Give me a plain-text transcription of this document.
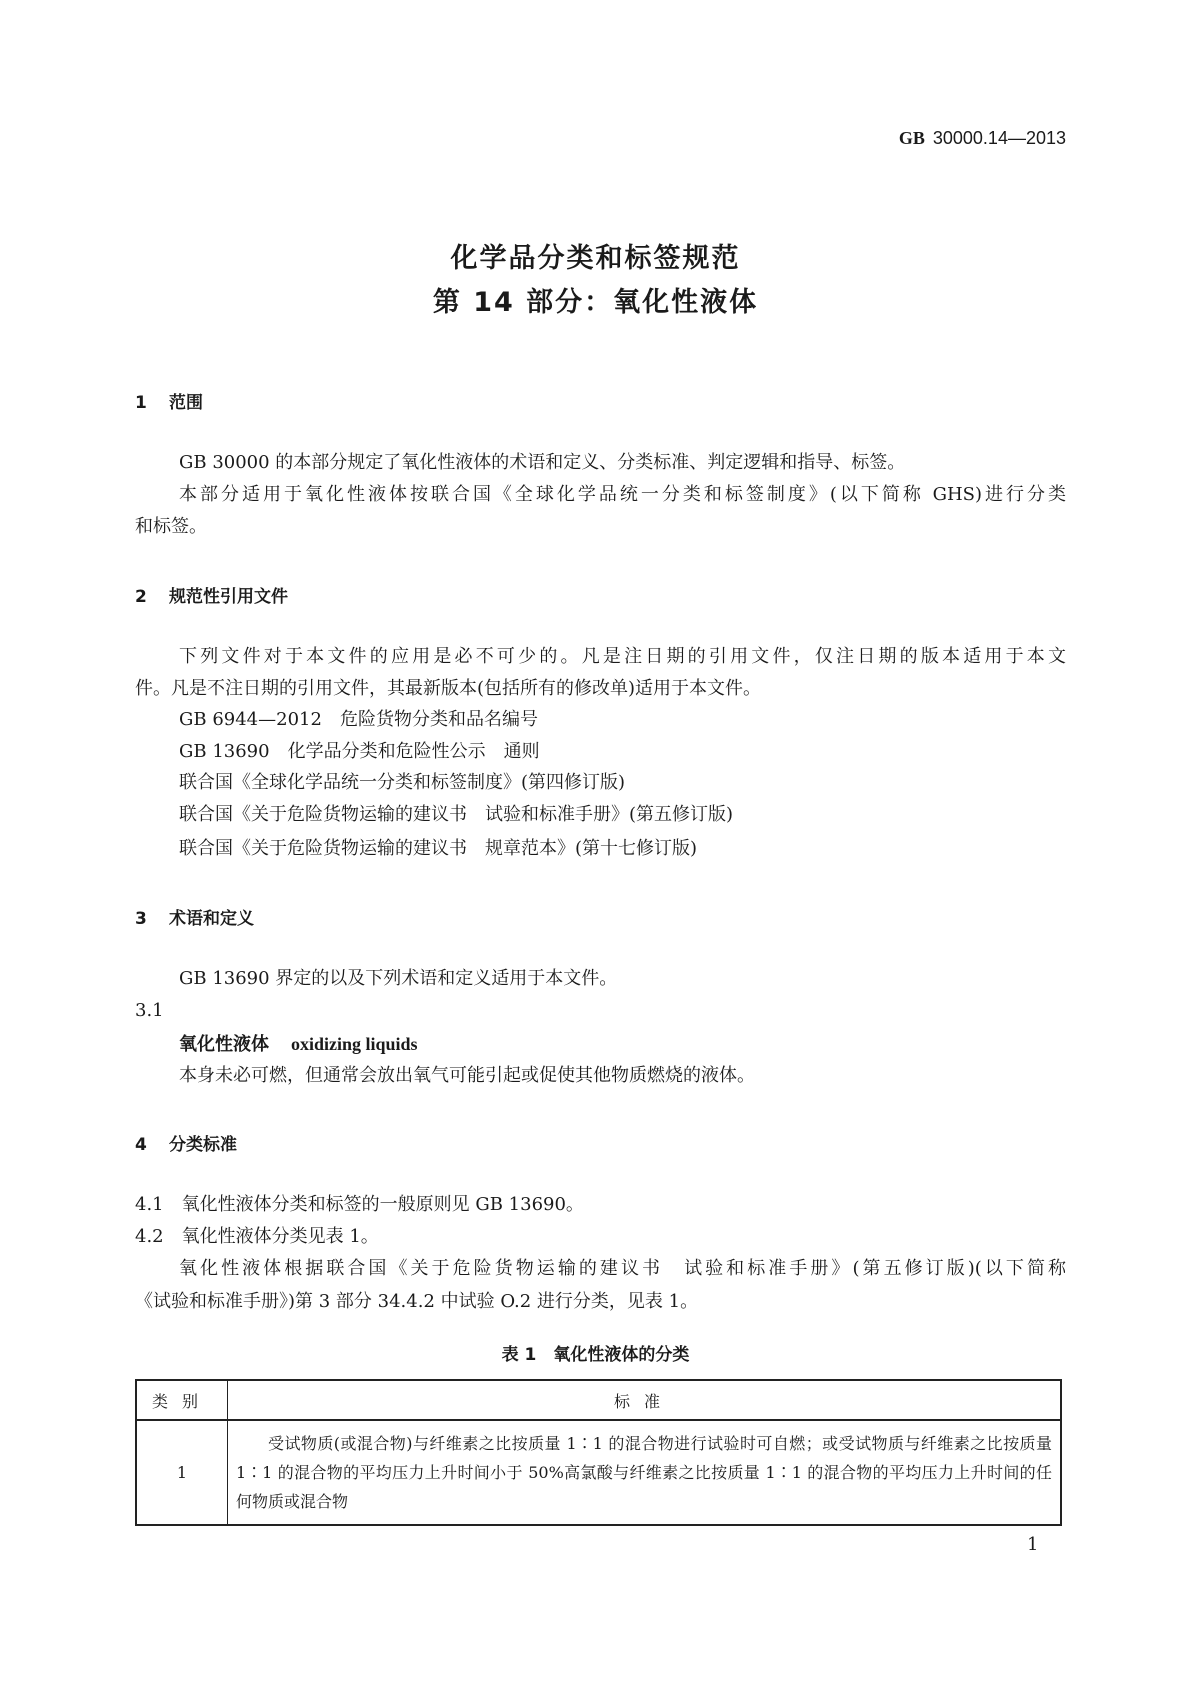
GB 30000.14—2013
化学品分类和标签规范
第 14 部分：氧化性液体
1 范围
GB 30000 的本部分规定了氧化性液体的术语和定义、分类标准、判定逻辑和指导、标签。
本部分适用于氧化性液体按联合国《全球化学品统一分类和标签制度》(以下简称 GHS)进行分类
和标签。
2 规范性引用文件
下列文件对于本文件的应用是必不可少的。凡是注日期的引用文件，仅注日期的版本适用于本文
件。凡是不注日期的引用文件，其最新版本(包括所有的修改单)适用于本文件。
GB 6944—2012　危险货物分类和品名编号
GB 13690　化学品分类和危险性公示　通则
联合国《全球化学品统一分类和标签制度》(第四修订版)
联合国《关于危险货物运输的建议书　试验和标准手册》(第五修订版)
联合国《关于危险货物运输的建议书　规章范本》(第十七修订版)
3 术语和定义
GB 13690 界定的以及下列术语和定义适用于本文件。
3.1
氧化性液体 oxidizing liquids
本身未必可燃，但通常会放出氧气可能引起或促使其他物质燃烧的液体。
4 分类标准
4.1　氧化性液体分类和标签的一般原则见 GB 13690。
4.2　氧化性液体分类见表 1。
氧化性液体根据联合国《关于危险货物运输的建议书　试验和标准手册》(第五修订版)(以下简称
《试验和标准手册》)第 3 部分 34.4.2 中试验 O.2 进行分类，见表 1。
表 1　氧化性液体的分类
类别	标准
1	受试物质(或混合物)与纤维素之比按质量 1∶1 的混合物进行试验时可自燃；或受试物质与纤维素之比按质量 1∶1 的混合物的平均压力上升时间小于 50%高氯酸与纤维素之比按质量 1∶1 的混合物的平均压力上升时间的任何物质或混合物
1
